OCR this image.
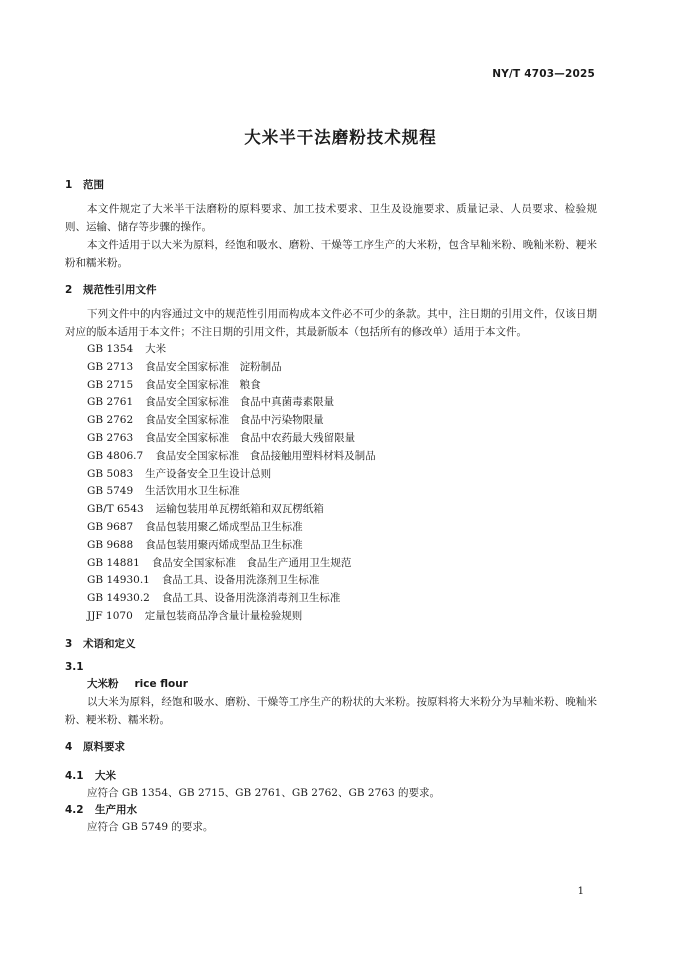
NY/T 4703—2025
大米半干法磨粉技术规程
1 范围

本文件规定了大米半干法磨粉的原料要求、加工技术要求、卫生及设施要求、质量记录、人员要求、检验规则、运输、储存等步骤的操作。

本文件适用于以大米为原料，经饱和吸水、磨粉、干燥等工序生产的大米粉，包含早籼米粉、晚籼米粉、粳米粉和糯米粉。

2 规范性引用文件

下列文件中的内容通过文中的规范性引用而构成本文件必不可少的条款。其中，注日期的引用文件，仅该日期对应的版本适用于本文件；不注日期的引用文件，其最新版本（包括所有的修改单）适用于本文件。

GB 1354 大米
GB 2713 食品安全国家标准　淀粉制品
GB 2715 食品安全国家标准　粮食
GB 2761 食品安全国家标准　食品中真菌毒素限量
GB 2762 食品安全国家标准　食品中污染物限量
GB 2763 食品安全国家标准　食品中农药最大残留限量
GB 4806.7 食品安全国家标准　食品接触用塑料材料及制品
GB 5083 生产设备安全卫生设计总则
GB 5749 生活饮用水卫生标准
GB/T 6543 运输包装用单瓦楞纸箱和双瓦楞纸箱
GB 9687 食品包装用聚乙烯成型品卫生标准
GB 9688 食品包装用聚丙烯成型品卫生标准
GB 14881 食品安全国家标准　食品生产通用卫生规范
GB 14930.1 食品工具、设备用洗涤剂卫生标准
GB 14930.2 食品工具、设备用洗涤消毒剂卫生标准
JJF 1070 定量包装商品净含量计量检验规则
3 术语和定义
3.1
大米粉 rice flour

以大米为原料，经饱和吸水、磨粉、干燥等工序生产的粉状的大米粉。按原料将大米粉分为早籼米粉、晚籼米粉、粳米粉、糯米粉。

4 原料要求
4.1 大米

应符合 GB 1354、GB 2715、GB 2761、GB 2762、GB 2763 的要求。

4.2 生产用水

应符合 GB 5749 的要求。

1
